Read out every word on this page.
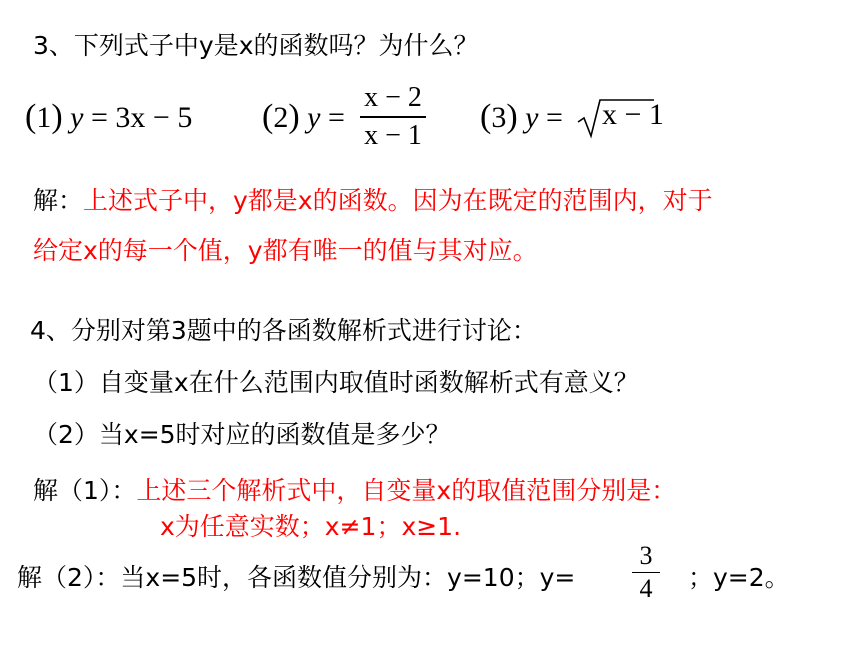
3、下列式子中y是x的函数吗？为什么？
(1) y = 3x − 5 (2) y =
x − 2
x − 1
(3) y = x − 1
解：上述式子中，y都是x的函数。因为在既定的范围内，对于
给定x的每一个值，y都有唯一的值与其对应。
4、分别对第3题中的各函数解析式进行讨论：
（1）自变量x在什么范围内取值时函数解析式有意义？
（2）当x=5时对应的函数值是多少？
解（1）：上述三个解析式中，自变量x的取值范围分别是：
x为任意实数；x≠1；x≥1.
解（2）：当x=5时，各函数值分别为：y=10；y=
3
4	；y=2。
